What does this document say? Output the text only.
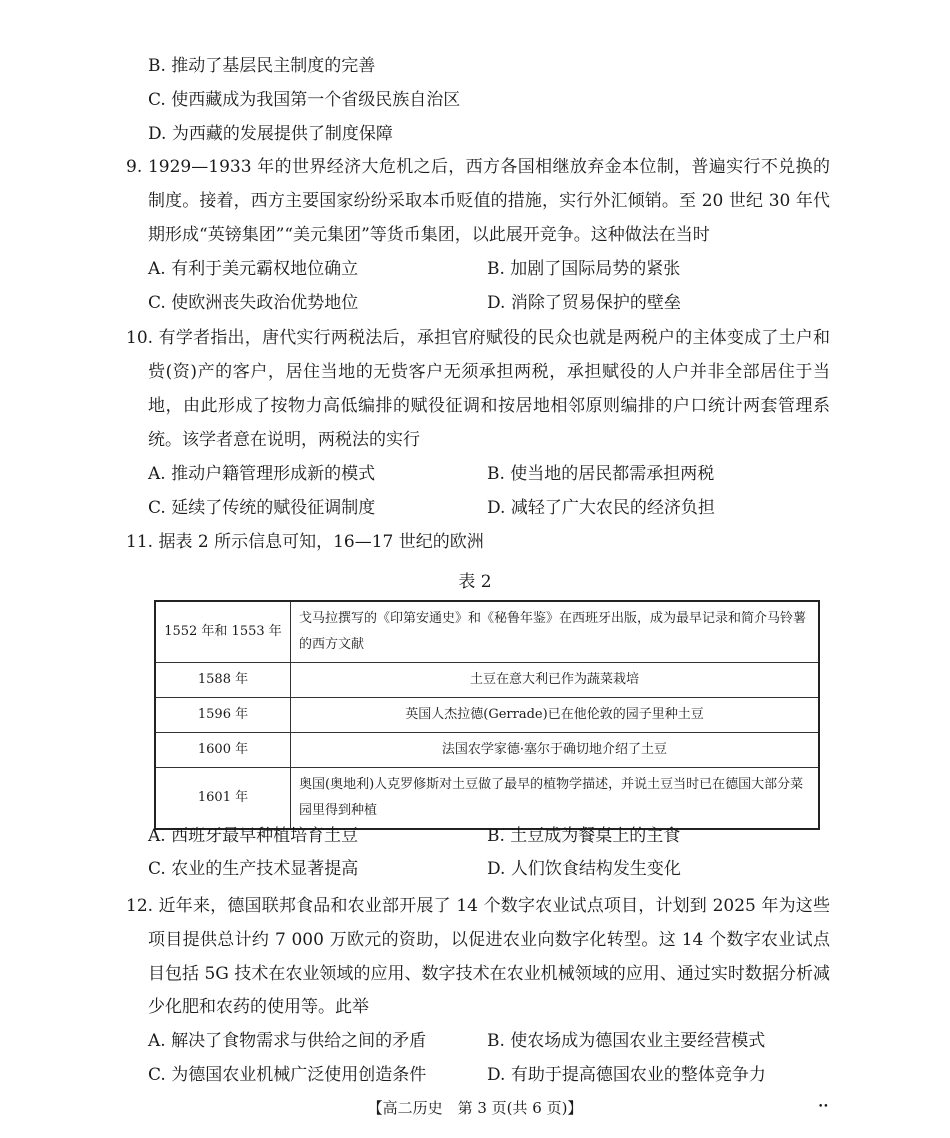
B. 推动了基层民主制度的完善
C. 使西藏成为我国第一个省级民族自治区
D. 为西藏的发展提供了制度保障
9. 1929—1933 年的世界经济大危机之后，西方各国相继放弃金本位制，普遍实行不兑换的
制度。接着，西方主要国家纷纷采取本币贬值的措施，实行外汇倾销。至 20 世纪 30 年代
期形成“英镑集团”“美元集团”等货币集团，以此展开竞争。这种做法在当时
A. 有利于美元霸权地位确立	B. 加剧了国际局势的紧张
C. 使欧洲丧失政治优势地位	D. 消除了贸易保护的壁垒
10. 有学者指出，唐代实行两税法后，承担官府赋役的民众也就是两税户的主体变成了土户和
赀(资)产的客户，居住当地的无赀客户无须承担两税，承担赋役的人户并非全部居住于当
地，由此形成了按物力高低编排的赋役征调和按居地相邻原则编排的户口统计两套管理系
统。该学者意在说明，两税法的实行
A. 推动户籍管理形成新的模式	B. 使当地的居民都需承担两税
C. 延续了传统的赋役征调制度	D. 减轻了广大农民的经济负担
11. 据表 2 所示信息可知，16—17 世纪的欧洲
表 2
1552 年和 1553 年	戈马拉撰写的《印第安通史》和《秘鲁年鉴》在西班牙出版，成为最早记录和简介马铃薯的西方文献
1588 年	土豆在意大利已作为蔬菜栽培
1596 年	英国人杰拉德(Gerrade)已在他伦敦的园子里种土豆
1600 年	法国农学家德·塞尔于确切地介绍了土豆
1601 年	奥国(奥地利)人克罗修斯对土豆做了最早的植物学描述，并说土豆当时已在德国大部分菜园里得到种植
A. 西班牙最早种植培育土豆	B. 土豆成为餐桌上的主食
C. 农业的生产技术显著提高	D. 人们饮食结构发生变化
12. 近年来，德国联邦食品和农业部开展了 14 个数字农业试点项目，计划到 2025 年为这些
项目提供总计约 7 000 万欧元的资助，以促进农业向数字化转型。这 14 个数字农业试点
目包括 5G 技术在农业领域的应用、数字技术在农业机械领域的应用、通过实时数据分析减
少化肥和农药的使用等。此举
A. 解决了食物需求与供给之间的矛盾	B. 使农场成为德国农业主要经营模式
C. 为德国农业机械广泛使用创造条件	D. 有助于提高德国农业的整体竞争力
【高二历史　第 3 页(共 6 页)】	••
